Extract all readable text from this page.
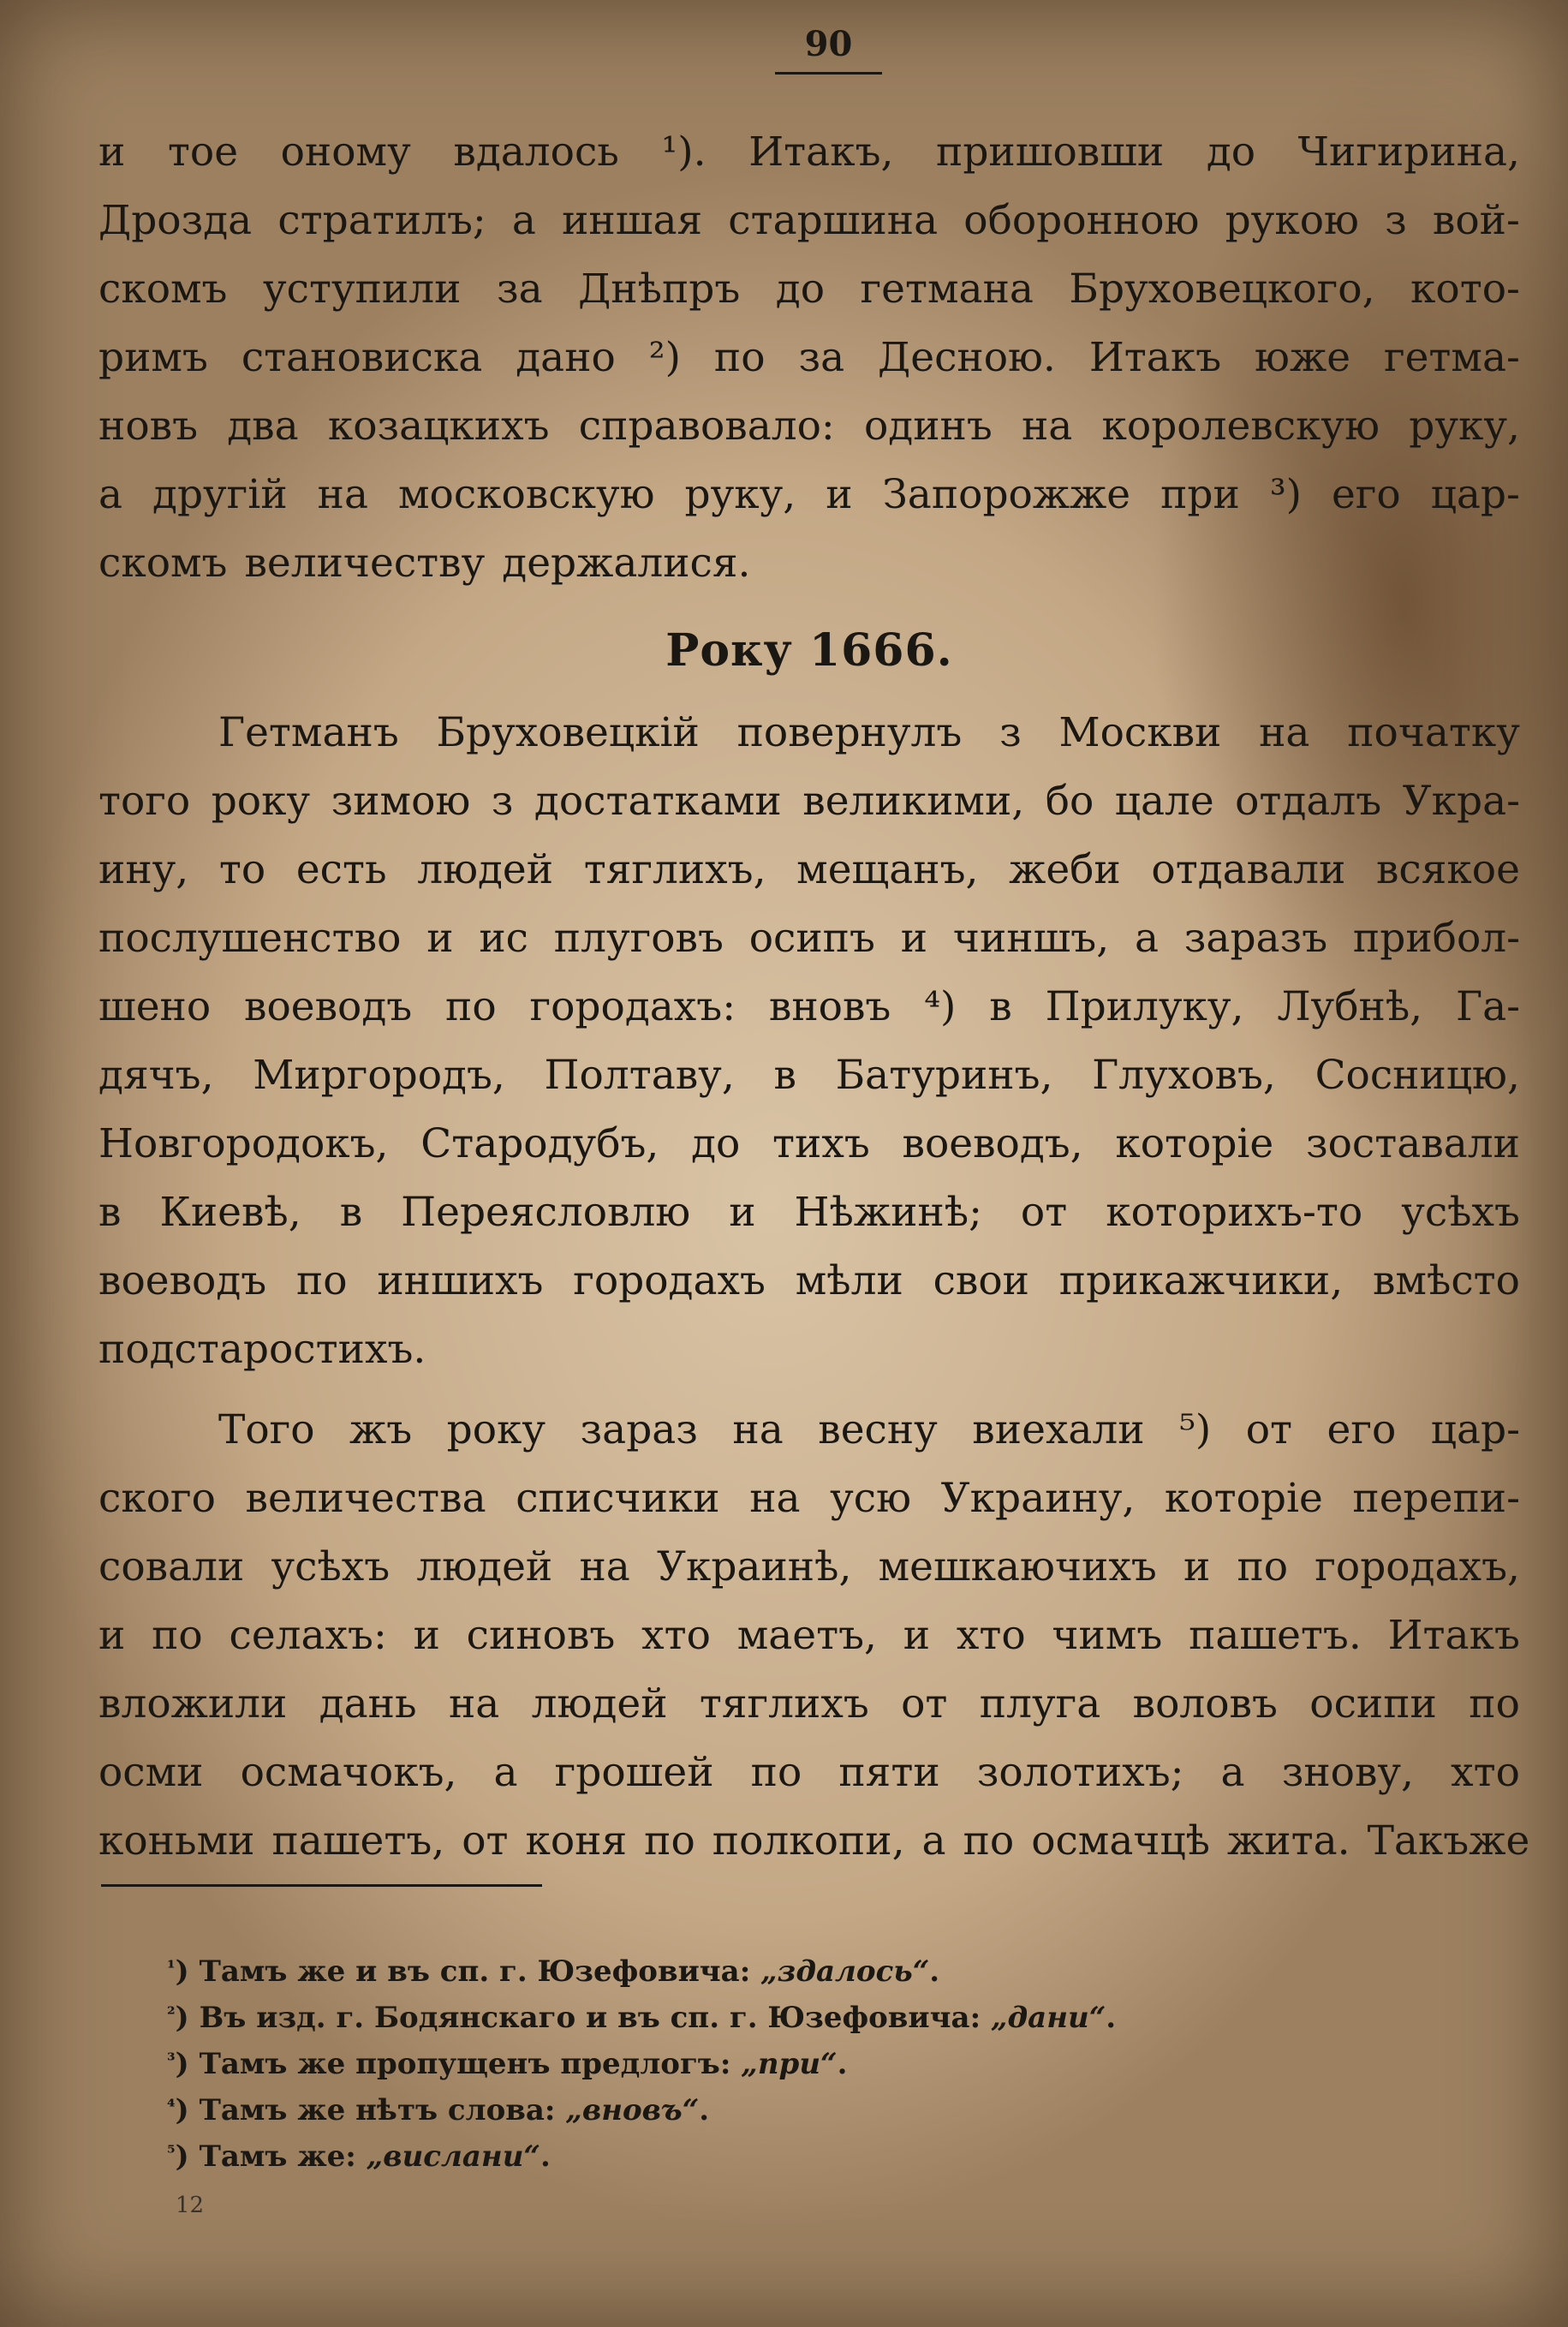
90
и тое оному вдалось ¹). Итакъ, пришовши до Чигирина,
Дрозда стратилъ; а иншая старшина оборонною рукою з вой-
скомъ уступили за Днѣпръ до гетмана Бруховецкого, кото-
римъ становиска дано ²) по за Десною. Итакъ юже гетма-
новъ два козацкихъ справовало: одинъ на королевскую руку,
а другій на московскую руку, и Запорожже при ³) его цар-
скомъ величеству держалися.
Року 1666.
Гетманъ Бруховецкій повернулъ з Москви на початку
того року зимою з достатками великими, бо цале отдалъ Укра-
ину, то есть людей тяглихъ, мещанъ, жеби отдавали всякое
послушенство и ис плуговъ осипъ и чиншъ, а заразъ прибол-
шено воеводъ по городахъ: вновъ ⁴) в Прилуку, Лубнѣ, Га-
дячъ, Миргородъ, Полтаву, в Батуринъ, Глуховъ, Сосницю,
Новгородокъ, Стародубъ, до тихъ воеводъ, которіе зоставали
в Киевѣ, в Переясловлю и Нѣжинѣ; от которихъ-то усѣхъ
воеводъ по иншихъ городахъ мѣли свои прикажчики, вмѣсто
подстаростихъ.
Того жъ року зараз на весну виехали ⁵) от его цар-
ского величества списчики на усю Украину, которіе перепи-
совали усѣхъ людей на Украинѣ, мешкаючихъ и по городахъ,
и по селахъ: и синовъ хто маетъ, и хто чимъ пашетъ. Итакъ
вложили дань на людей тяглихъ от плуга воловъ осипи по
осми осмачокъ, а грошей по пяти золотихъ; а знову, хто
коньми пашетъ, от коня по полкопи, а по осмачцѣ жита. Такъже
$^{^1}$) Тамъ же и въ сп. г. Юзефовича: „здалось“.
$^{^2}$) Въ изд. г. Бодянскаго и въ сп. г. Юзефовича: „дани“.
$^{^3}$) Тамъ же пропущенъ предлогъ: „при“.
$^{^4}$) Тамъ же нѣтъ слова: „вновъ“.
$^{^5}$) Тамъ же: „виcлани“.
12
